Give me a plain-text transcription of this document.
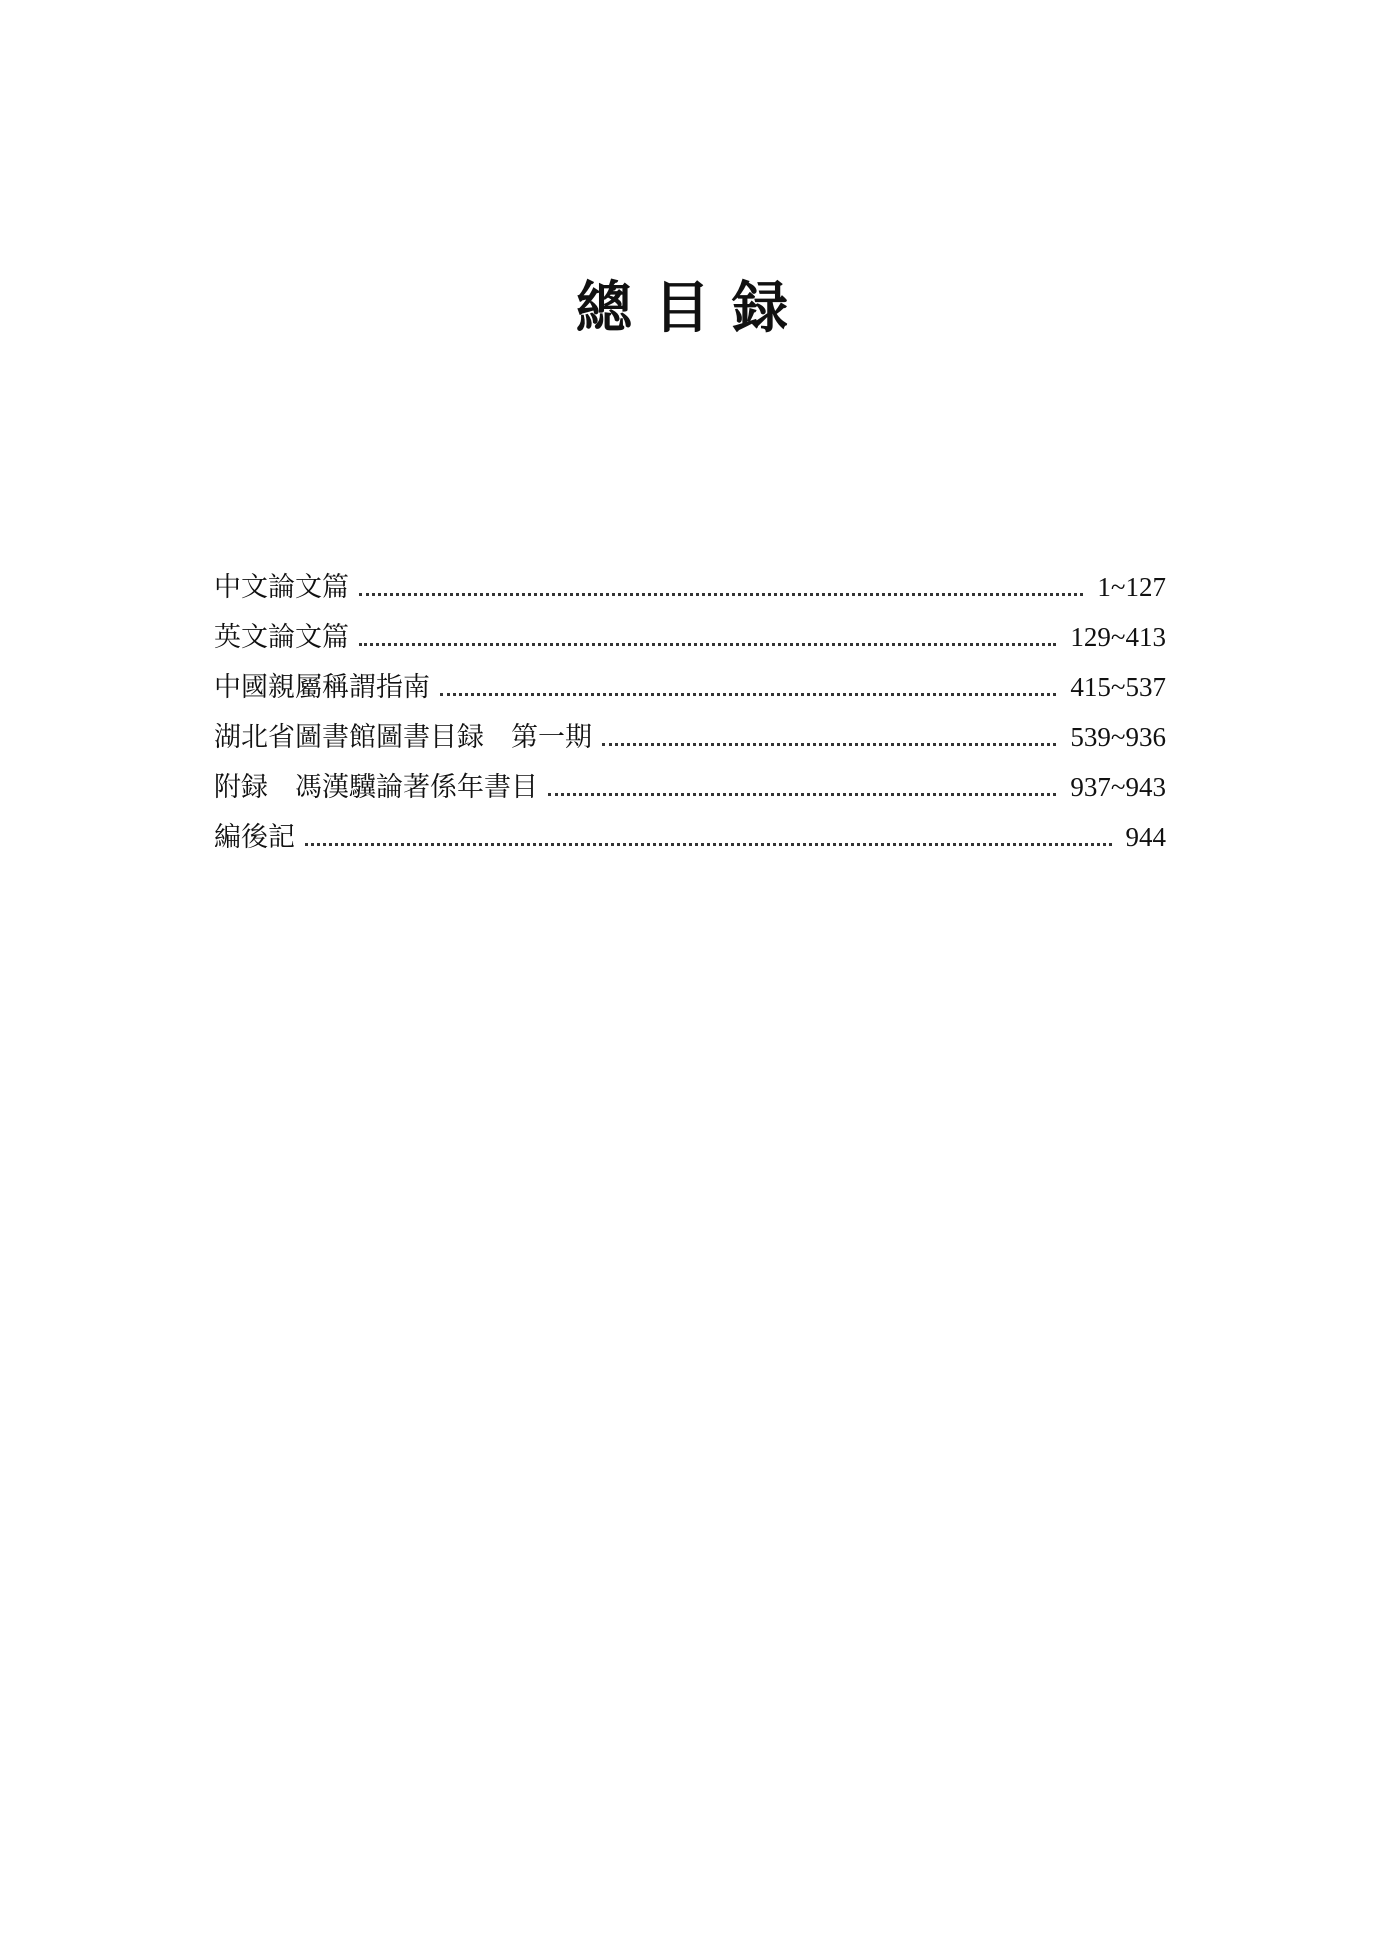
總目録
中文論文篇	1~127
英文論文篇	129~413
中國親屬稱謂指南	415~537
湖北省圖書館圖書目録　第一期	539~936
附録　馮漢驥論著係年書目	937~943
編後記	944
